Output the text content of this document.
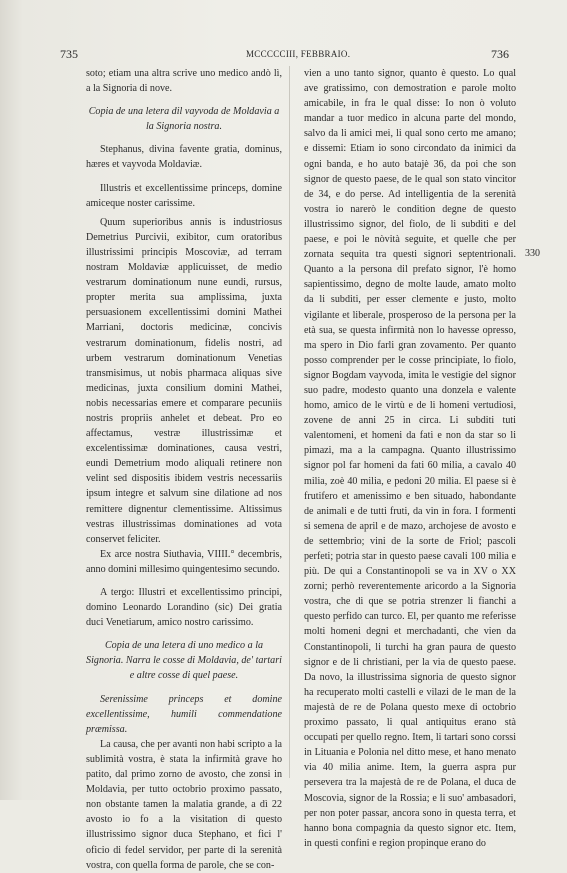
735	MCCCCCIII, FEBBRAIO.	736
330

soto; etiam una altra scrive uno medico andò lì, a la Signoria di nove.

Copia de una letera dil vayvoda de Moldavia a la Signoria nostra.

Stephanus, divina favente gratia, dominus, hæres et vayvoda Moldaviæ.

Illustris et excellentissime princeps, domine amiceque noster carissime.

Quum superioribus annis is industriosus Demetrius Purcivii, exibitor, cum oratoribus illustrissimi principis Moscoviæ, ad terram nostram Moldaviæ applicuisset, de medio vestrarum dominationum nune eundi, rursus, propter merita sua amplissima, juxta persuasionem excellentissimi domini Mathei Marriani, doctoris medicinæ, concivis vestrarum dominationum, fidelis nostri, ad urbem vestrarum dominationum Venetias transmisimus, ut nobis pharmaca aliquas sive medicinas, juxta consilium domini Mathei, nobis necessarias emere et comparare pecuniis nostris propriis anhelet et debeat. Pro eo affectamus, vestræ illustrissimæ et excelentissimæ dominationes, causa vestri, eundi Demetrium modo aliquali retinere non velint sed dispositis ibidem vestris necessariis ipsum integre et salvum sine dilatione ad nos remittere dignentur clementissime. Altissimus vestras illustrissimas dominationes ad vota conservet feliciter.

Ex arce nostra Siuthavia, VIIII.° decembris, anno domini millesimo quingentesimo secundo.

A tergo: Illustri et excellentissimo principi, domino Leonardo Lorandino (sic) Dei gratia duci Venetiarum, amico nostro carissimo.

Copia de una letera di uno medico a la Signoria. Narra le cosse di Moldavia, de' tartari e altre cosse di quel paese.

Serenissime princeps et domine excellentissime, humili commendatione præmissa.

La causa, che per avanti non habi scripto a la sublimità vostra, è stata la infirmità grave ho patito, dal primo zorno de avosto, che zonsi in Moldavia, per tutto octobrio proximo passato, non obstante tamen la malatia grande, a dì 22 avosto io fo a la visitation di questo illustrissimo signor duca Stephano, et fici l' oficio di fedel servidor, per parte di la serenità vostra, con quella forma de parole, che se con-

vien a uno tanto signor, quanto è questo. Lo qual ave gratissimo, con demostration e parole molto amicabile, in fra le qual disse: Io non ò voluto mandar a tuor medico in alcuna parte del mondo, salvo da li amici mei, li qual sono certo me amano; e dissemi: Etiam io sono circondato da inimici da ogni banda, e ho auto batajè 36, da poi che son signor de questo paese, de le qual son stato vincitor de 34, e do perse. Ad intelligentia de la serenità vostra io narerò le condition degne de questo illustrissimo signor, del fiolo, de li subditi e del paese, e poi le nòvità seguite, et quelle che per zornata sequita tra questi signori septentrionali. Quanto a la persona dil prefato signor, l'è homo sapientissimo, degno de molte laude, amato molto da li subditi, per esser clemente e justo, molto vigilante et liberale, prosperoso de la persona per la età sua, se questa infirmità non lo havesse opresso, ma spero in Dio farli gran zovamento. Per quanto posso comprender per le cosse principiate, lo fiolo, signor Bogdam vayvoda, imita le vestigie del signor suo padre, modesto quanto una donzela e valente homo, amico de le virtù e de li homeni vertudiosi, zovene de anni 25 in circa. Li subditi tuti valentomeni, et homeni da fati e non da star so li pimazi, ma a la campagna. Quanto illustrissimo signor pol far homeni da fati 60 milia, a cavalo 40 milia, zoè 40 milia, e pedoni 20 milia. El paese si è frutifero et amenissimo e ben situado, habondante de animali e de tutti fruti, da vin in fora. I formenti si semena de april e de mazo, archojese de avosto e de settembrio; vini de la sorte de Friol; pascoli perfeti; potria star in questo paese cavali 100 milia e più. De qui a Constantinopoli se va in XV o XX zorni; perhò reverentemente aricordo a la Signoria vostra, che di que se potria strenzer li fianchi a questo perfido can turco. El, per quanto me referisse molti homeni degni et merchadanti, che vien da Constantinopoli, li turchi ha gran paura de questo signor e de li christiani, per la via de questo paese. Da novo, la illustrissima signoria de questo signor ha recuperato molti castelli e vilazi de le man de la majestà de re de Polana questo mexe di octobrio proximo passato, li qual antiquitus erano stà occupati per quello regno. Item, li tartari sono corssi in Lituania e Polonia nel ditto mese, et hano menato via 40 milia anime. Item, la guerra aspra pur persevera tra la majestà de re de Polana, el duca de Moscovia, signor de la Rossia; e li suo' ambasadori, per non poter passar, ancora sono in questa terra, et hanno bona compagnia da questo signor etc. Item, in questi confini e region propinque erano do
